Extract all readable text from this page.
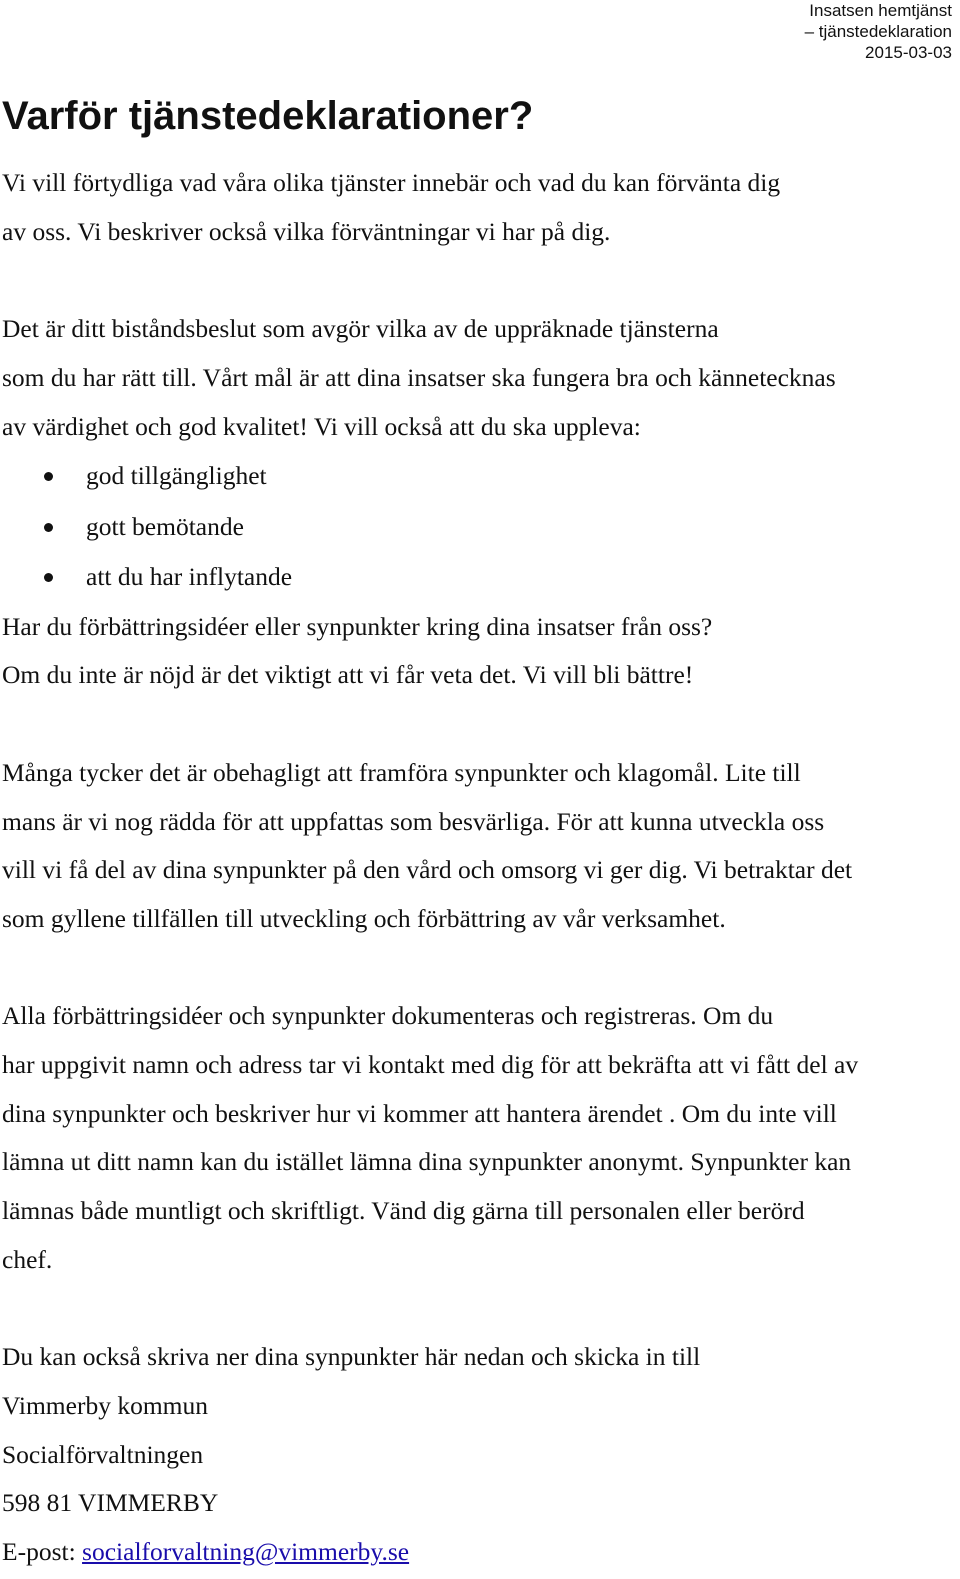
Insatsen hemtjänst
– tjänstedeklaration
2015-03-03
Varför tjänstedeklarationer?

Vi vill förtydliga vad våra olika tjänster innebär och vad du kan förvänta dig

av oss. Vi beskriver också vilka förväntningar vi har på dig.

Det är ditt biståndsbeslut som avgör vilka av de uppräknade tjänsterna

som du har rätt till. Vårt mål är att dina insatser ska fungera bra och kännetecknas

av värdighet och god kvalitet! Vi vill också att du ska uppleva:

god tillgänglighet
gott bemötande
att du har inflytande

Har du förbättringsidéer eller synpunkter kring dina insatser från oss?

Om du inte är nöjd är det viktigt att vi får veta det. Vi vill bli bättre!

Många tycker det är obehagligt att framföra synpunkter och klagomål. Lite till

mans är vi nog rädda för att uppfattas som besvärliga. För att kunna utveckla oss

vill vi få del av dina synpunkter på den vård och omsorg vi ger dig. Vi betraktar det

som gyllene tillfällen till utveckling och förbättring av vår verksamhet.

Alla förbättringsidéer och synpunkter dokumenteras och registreras. Om du

har uppgivit namn och adress tar vi kontakt med dig för att bekräfta att vi fått del av

dina synpunkter och beskriver hur vi kommer att hantera ärendet . Om du inte vill

lämna ut ditt namn kan du istället lämna dina synpunkter anonymt. Synpunkter kan

lämnas både muntligt och skriftligt. Vänd dig gärna till personalen eller berörd

chef.

Du kan också skriva ner dina synpunkter här nedan och skicka in till

Vimmerby kommun

Socialförvaltningen

598 81 VIMMERBY

E-post: socialforvaltning@vimmerby.se
